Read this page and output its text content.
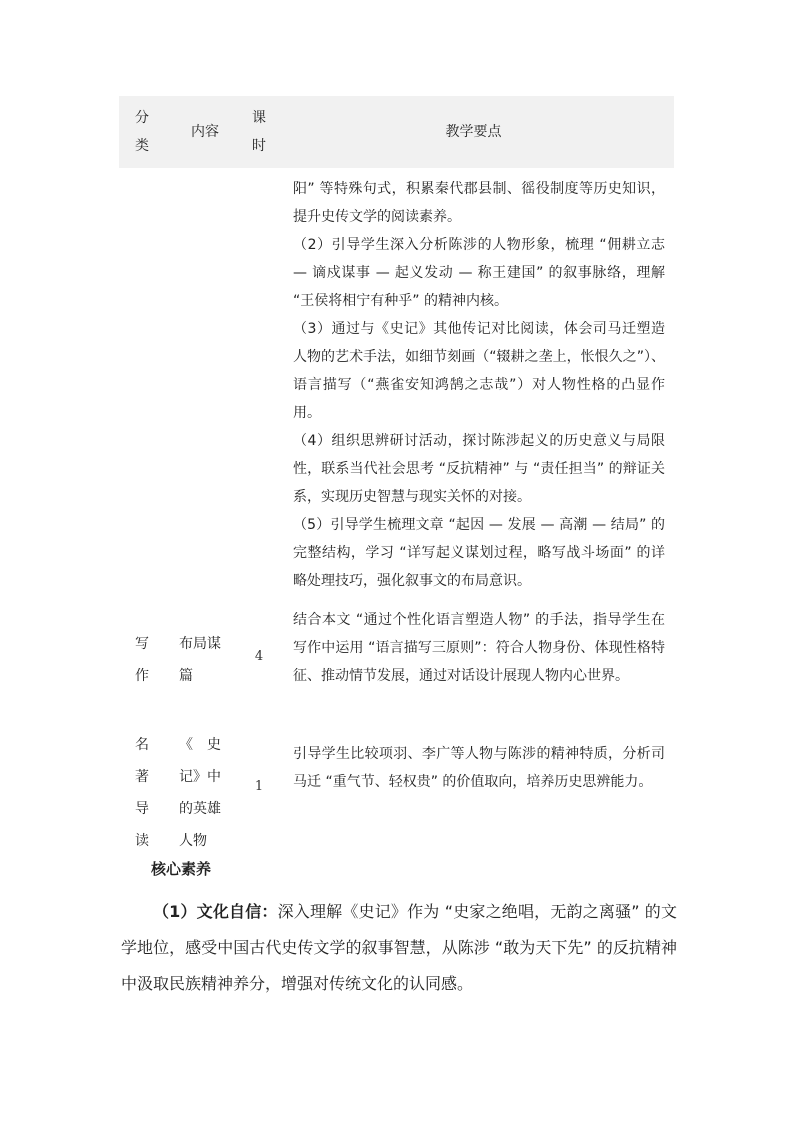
分类
内容
课时
教学要点

阳” 等特殊句式，积累秦代郡县制、徭役制度等历史知识，提升史传文学的阅读素养。

（2）引导学生深入分析陈涉的人物形象，梳理 “佣耕立志 — 谪戍谋事 — 起义发动 — 称王建国” 的叙事脉络，理解 “王侯将相宁有种乎” 的精神内核。

（3）通过与《史记》其他传记对比阅读，体会司马迁塑造人物的艺术手法，如细节刻画（“辍耕之垄上，怅恨久之”）、语言描写（“燕雀安知鸿鹄之志哉”）对人物性格的凸显作用。

（4）组织思辨研讨活动，探讨陈涉起义的历史意义与局限性，联系当代社会思考 “反抗精神” 与 “责任担当” 的辩证关系，实现历史智慧与现实关怀的对接。

（5）引导学生梳理文章 “起因 — 发展 — 高潮 — 结局” 的完整结构，学习 “详写起义谋划过程，略写战斗场面” 的详略处理技巧，强化叙事文的布局意识。

写
作
布局谋
篇
4

结合本文 “通过个性化语言塑造人物” 的手法，指导学生在写作中运用 “语言描写三原则”：符合人物身份、体现性格特征、推动情节发展，通过对话设计展现人物内心世界。

名
著
导
读
《　史
记》中
的英雄
人物
1

引导学生比较项羽、李广等人物与陈涉的精神特质，分析司马迁 “重气节、轻权贵” 的价值取向，培养历史思辨能力。

核心素养

（1）文化自信：深入理解《史记》作为 “史家之绝唱，无韵之离骚” 的文学地位，感受中国古代史传文学的叙事智慧，从陈涉 “敢为天下先” 的反抗精神中汲取民族精神养分，增强对传统文化的认同感。
